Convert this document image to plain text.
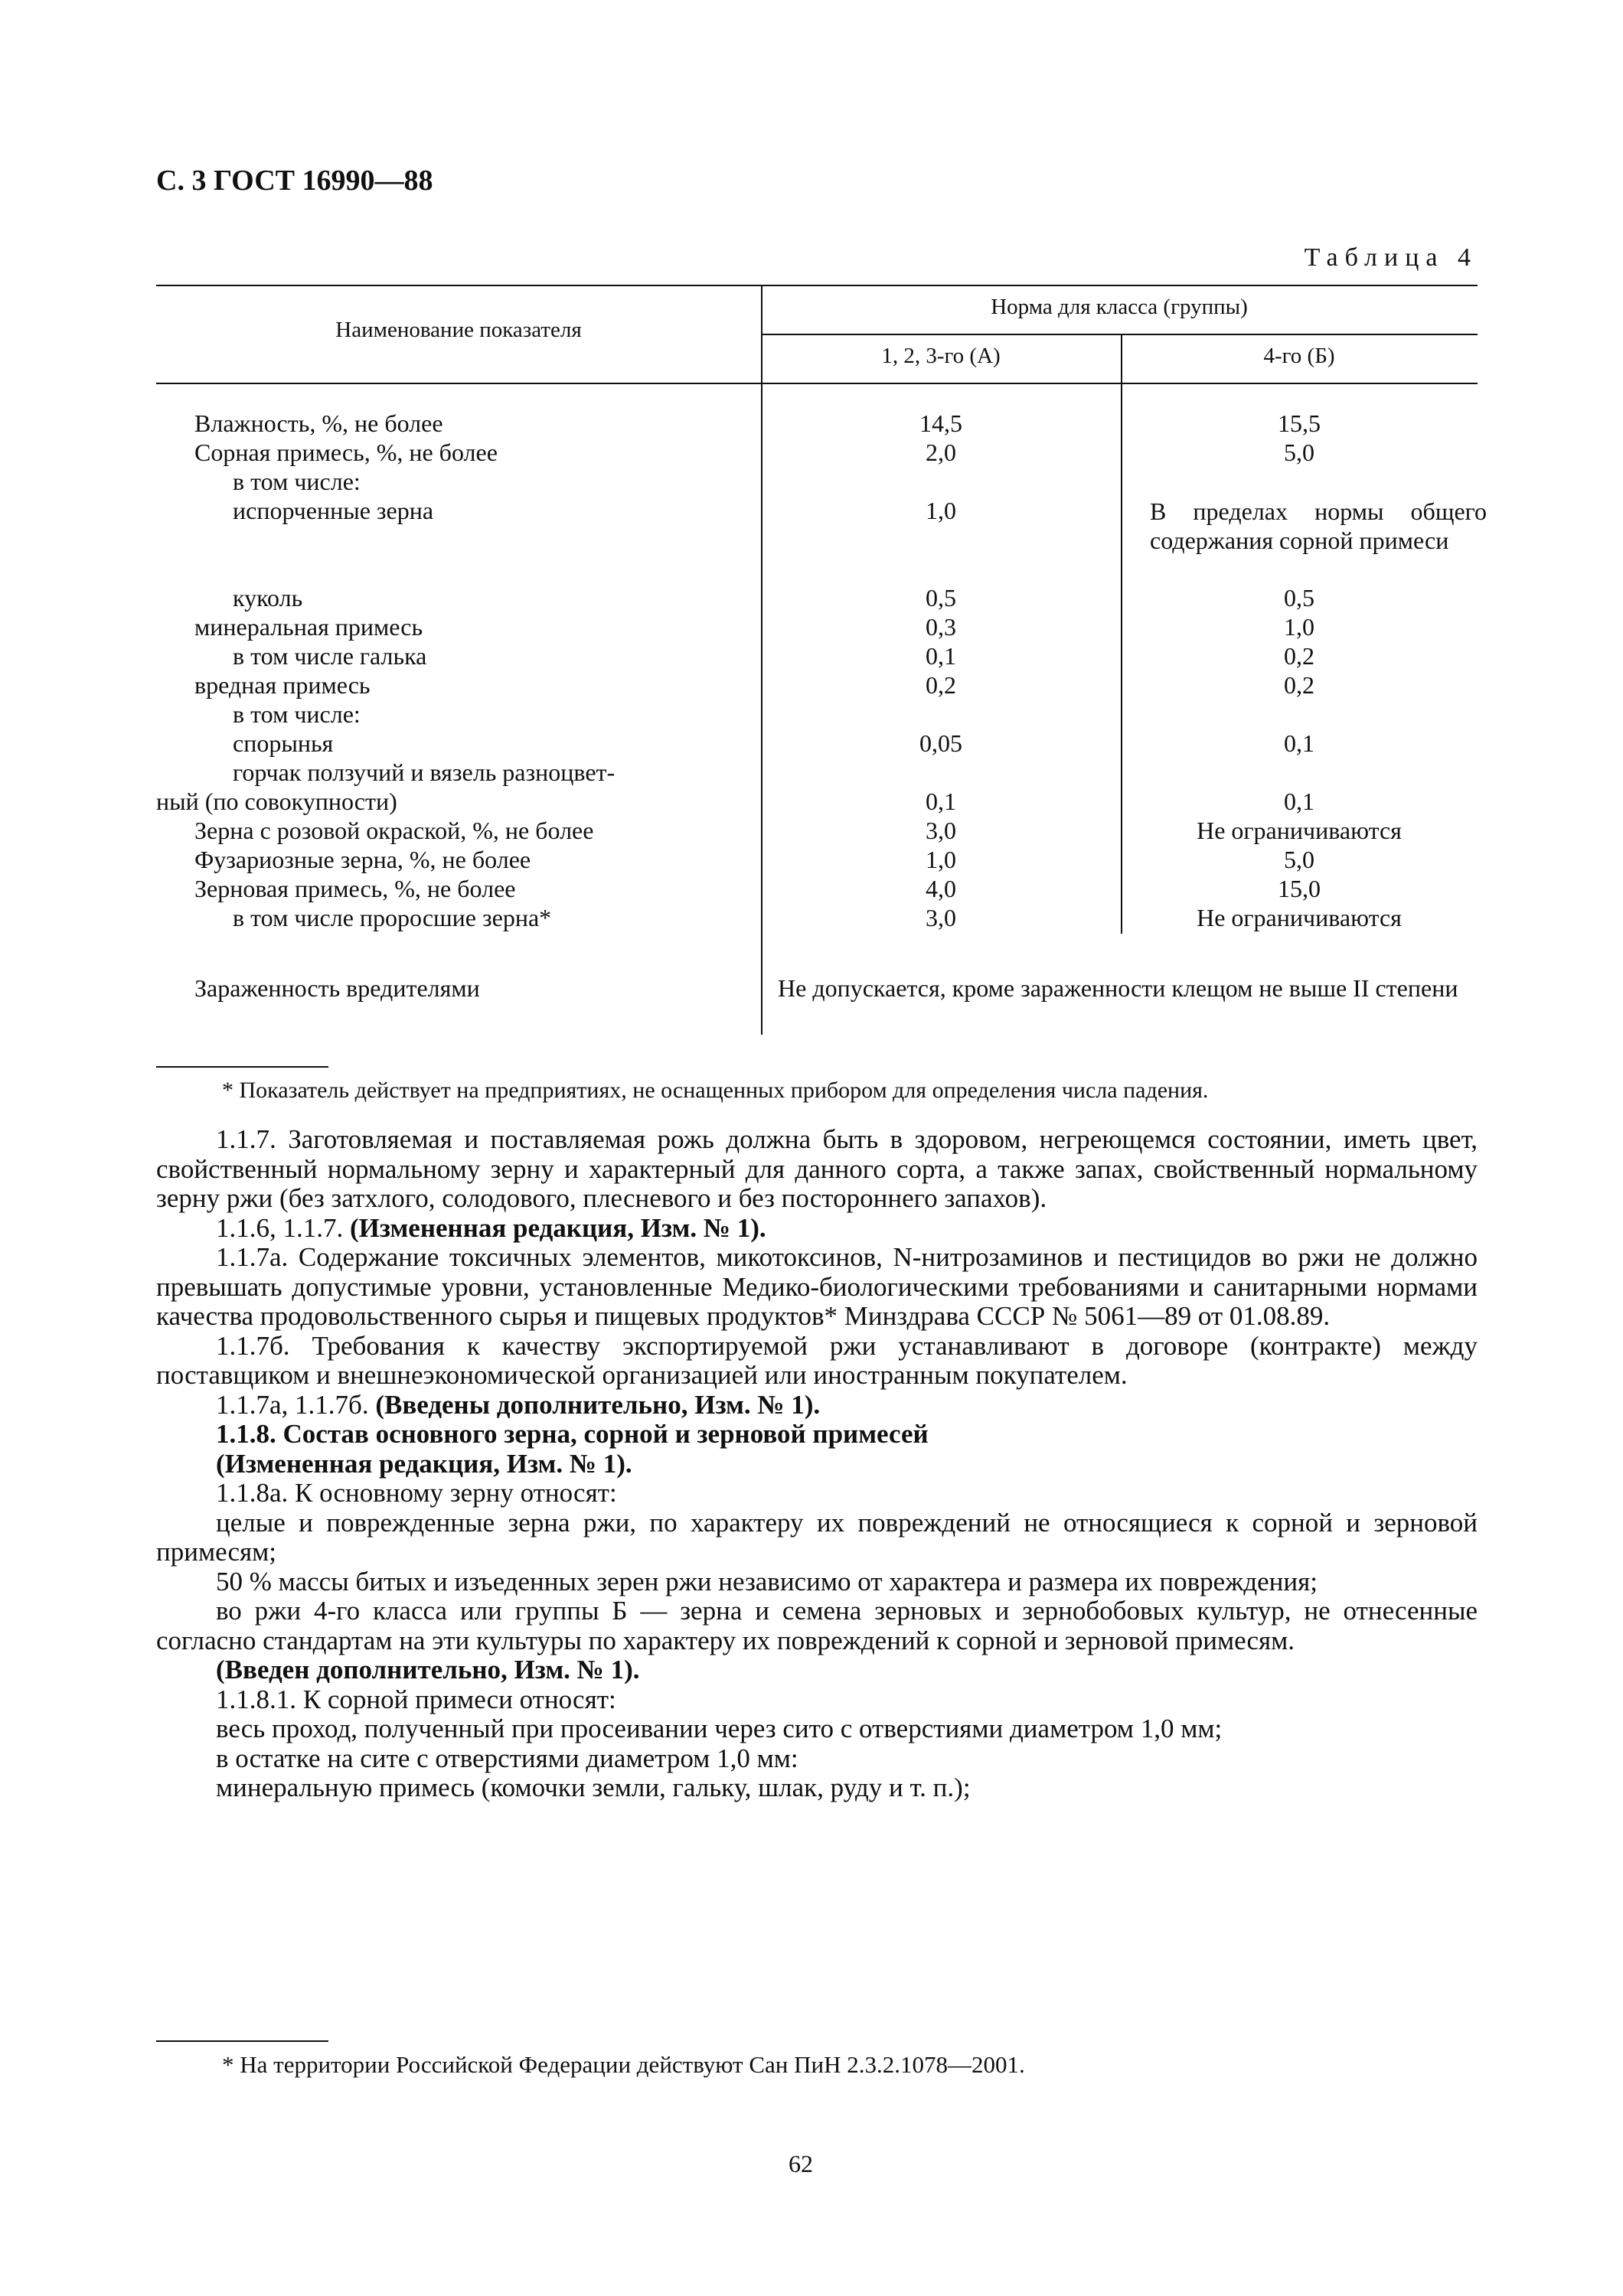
С. 3 ГОСТ 16990—88
Таблица 4
Наименование показателя
Норма для класса (группы)
1, 2, 3-го (А)	4-го (Б)
Влажность, %, не более	14,5	15,5
Сорная примесь, %, не более	2,0	5,0
в том числе:
испорченные зерна	1,0	В пределах нормы общего содержания сорной примеси
куколь	0,5	0,5
минеральная примесь	0,3	1,0
в том числе галька	0,1	0,2
вредная примесь	0,2	0,2
в том числе:
спорынья	0,05	0,1
горчак ползучий и вязель разноцвет-
ный (по совокупности)	0,1	0,1
Зерна с розовой окраской, %, не более	3,0	Не ограничиваются
Фузариозные зерна, %, не более	1,0	5,0
Зерновая примесь, %, не более	4,0	15,0
в том числе проросшие зерна*	3,0	Не ограничиваются
Зараженность вредителями	Не допускается, кроме зараженности клещом не выше II степени
* Показатель действует на предприятиях, не оснащенных прибором для определения числа падения.

1.1.7. Заготовляемая и поставляемая рожь должна быть в здоровом, негреющемся состоянии, иметь цвет, свойственный нормальному зерну и характерный для данного сорта, а также запах, свойственный нормальному зерну ржи (без затхлого, солодового, плесневого и без постороннего запахов).

1.1.6, 1.1.7. (Измененная редакция, Изм. № 1).

1.1.7а. Содержание токсичных элементов, микотоксинов, N-нитрозаминов и пестицидов во ржи не должно превышать допустимые уровни, установленные Медико-биологическими требованиями и санитарными нормами качества продовольственного сырья и пищевых продуктов* Минздрава СССР № 5061—89 от 01.08.89.

1.1.7б. Требования к качеству экспортируемой ржи устанавливают в договоре (контракте) между поставщиком и внешнеэкономической организацией или иностранным покупателем.

1.1.7а, 1.1.7б. (Введены дополнительно, Изм. № 1).

1.1.8. Состав основного зерна, сорной и зерновой примесей

(Измененная редакция, Изм. № 1).

1.1.8а. К основному зерну относят:

целые и поврежденные зерна ржи, по характеру их повреждений не относящиеся к сорной и зерновой примесям;

50 % массы битых и изъеденных зерен ржи независимо от характера и размера их повреждения;

во ржи 4-го класса или группы Б — зерна и семена зерновых и зернобобовых культур, не отнесенные согласно стандартам на эти культуры по характеру их повреждений к сорной и зерновой примесям.

(Введен дополнительно, Изм. № 1).

1.1.8.1. К сорной примеси относят:

весь проход, полученный при просеивании через сито с отверстиями диаметром 1,0 мм;

в остатке на сите с отверстиями диаметром 1,0 мм:

минеральную примесь (комочки земли, гальку, шлак, руду и т. п.);

* На территории Российской Федерации действуют Сан ПиН 2.3.2.1078—2001.
62
